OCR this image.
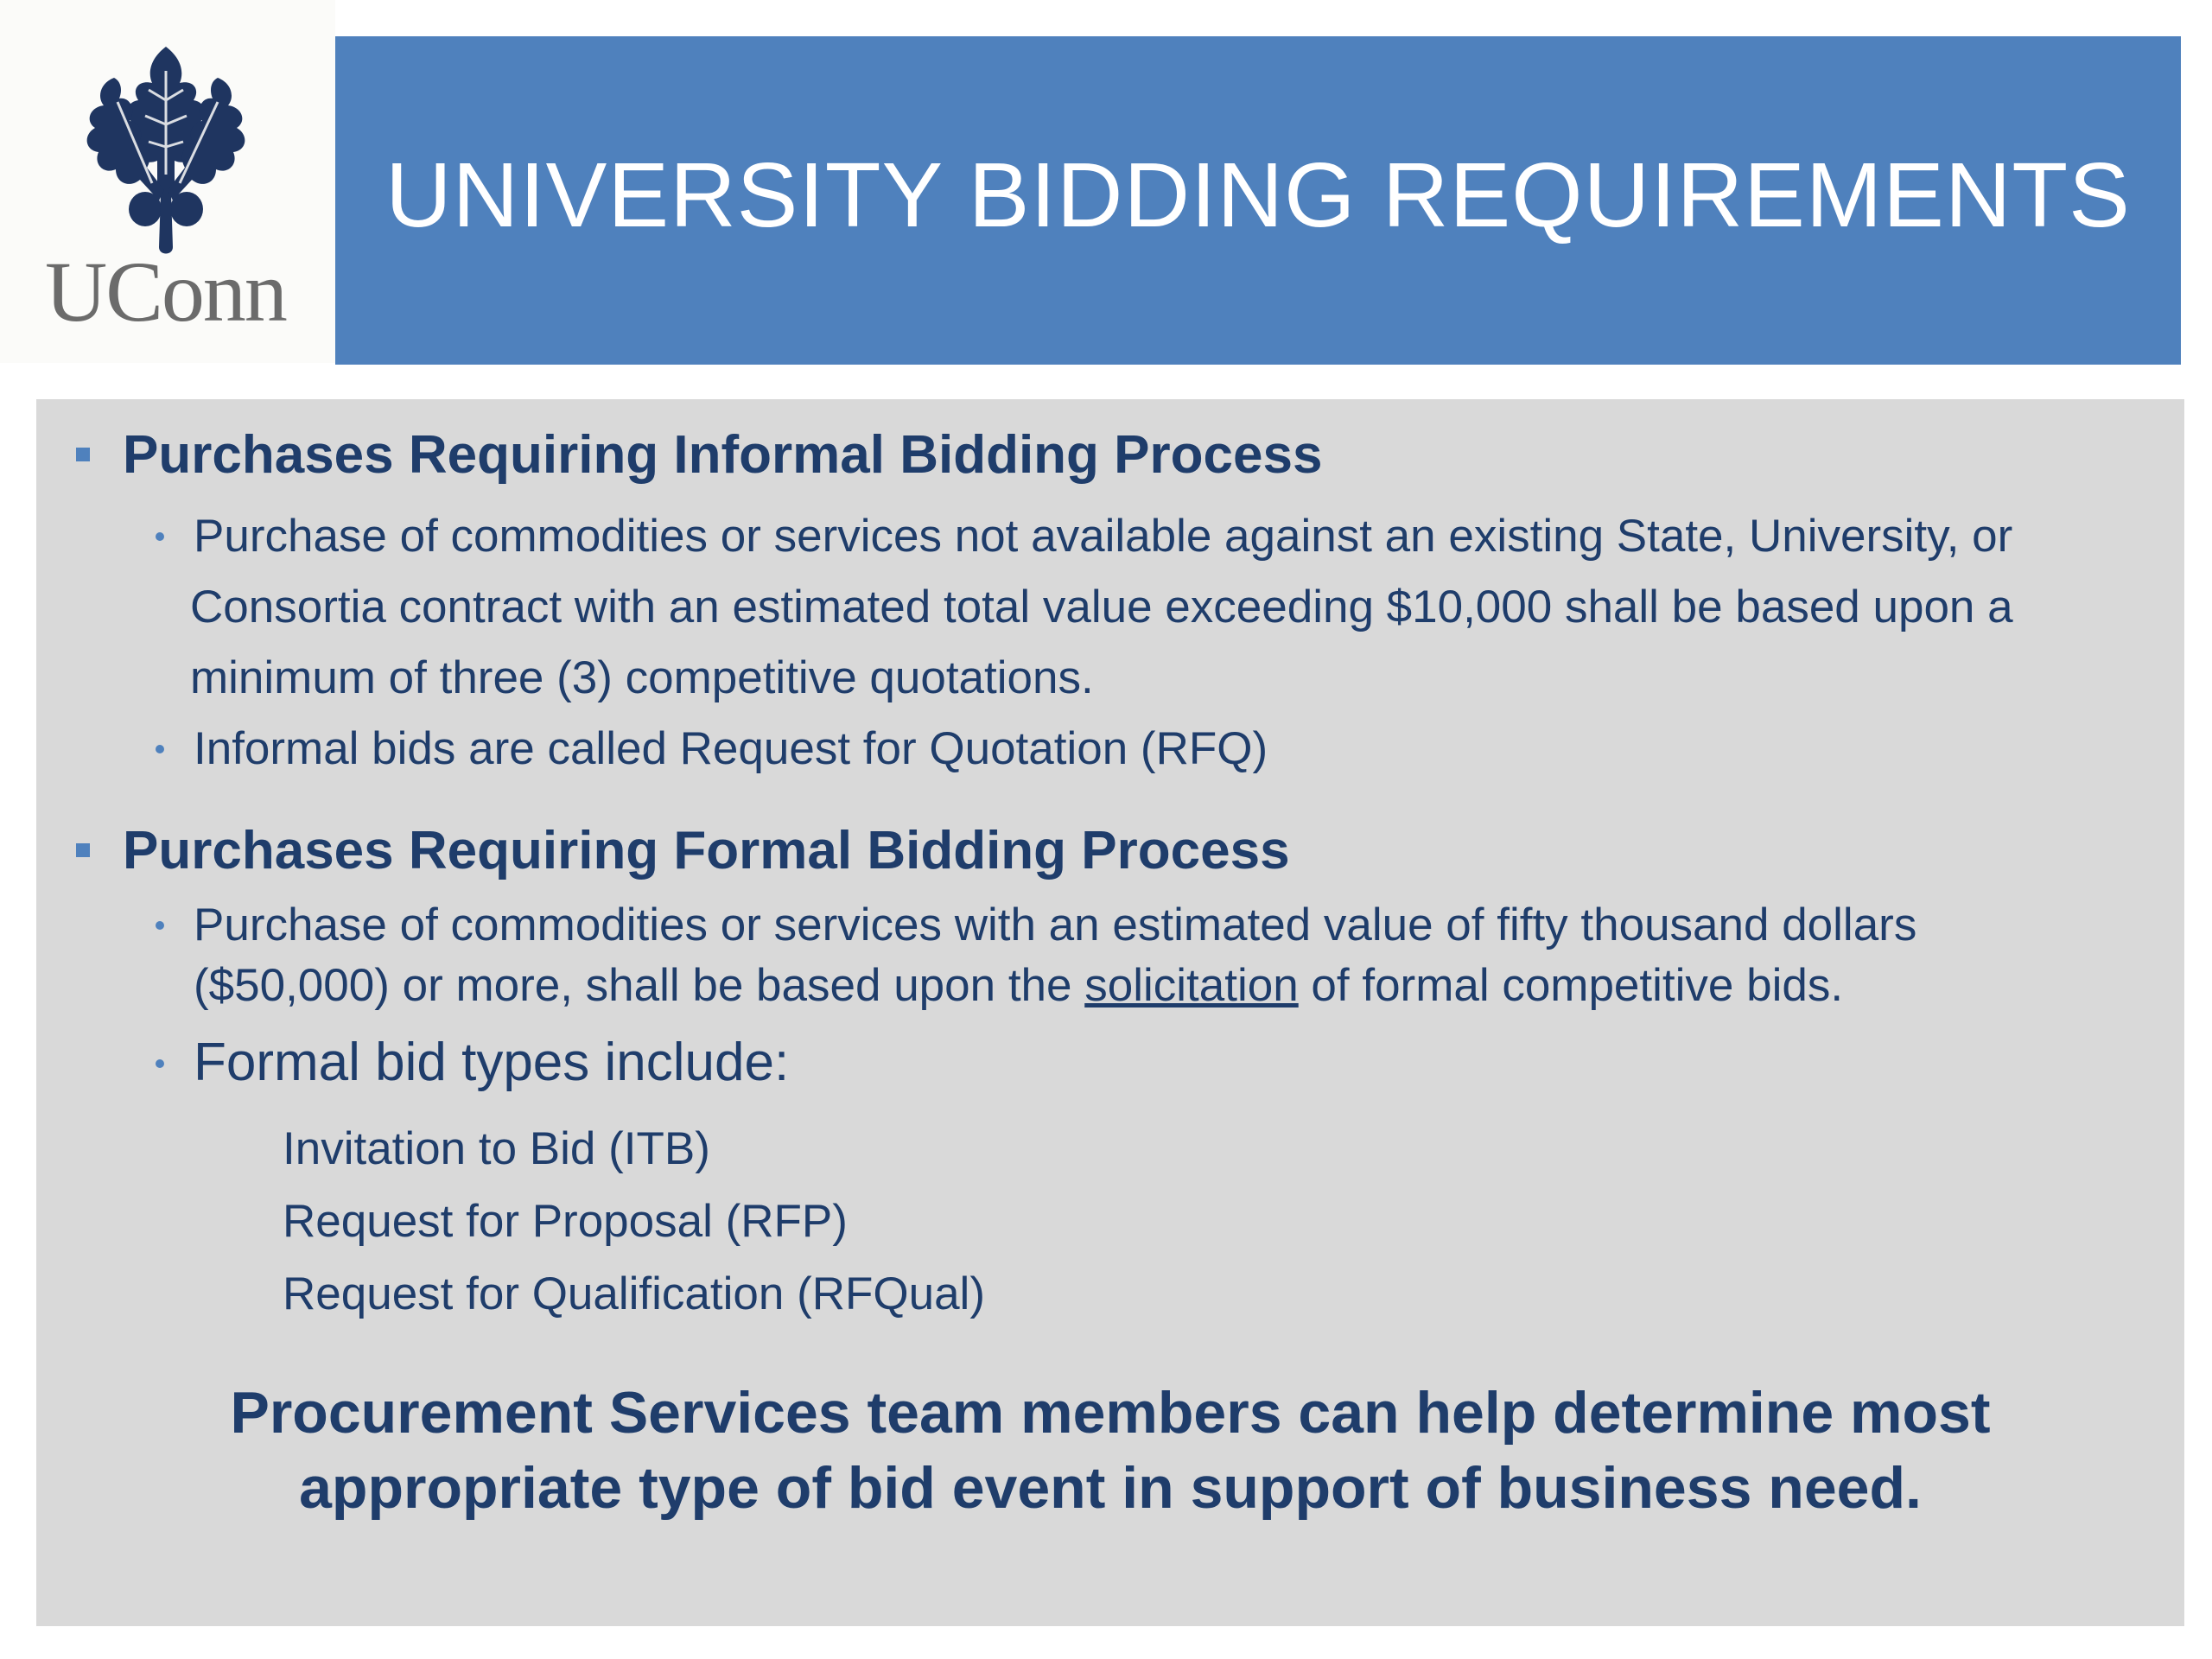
UConn
UNIVERSITY BIDDING REQUIREMENTS
Purchases Requiring Informal Bidding Process
Purchase of commodities or services not available against an existing State, University, or
Consortia contract with an estimated total value exceeding $10,000 shall be based upon a
minimum of three (3) competitive quotations.
Informal bids are called Request for Quotation (RFQ)
Purchases Requiring Formal Bidding Process
Purchase of commodities or services with an estimated value of fifty thousand dollars
($50,000) or more, shall be based upon the solicitation of formal competitive bids.
Formal bid types include:
Invitation to Bid (ITB)
Request for Proposal (RFP)
Request for Qualification (RFQual)
Procurement Services team members can help determine most
appropriate type of bid event in support of business need.
